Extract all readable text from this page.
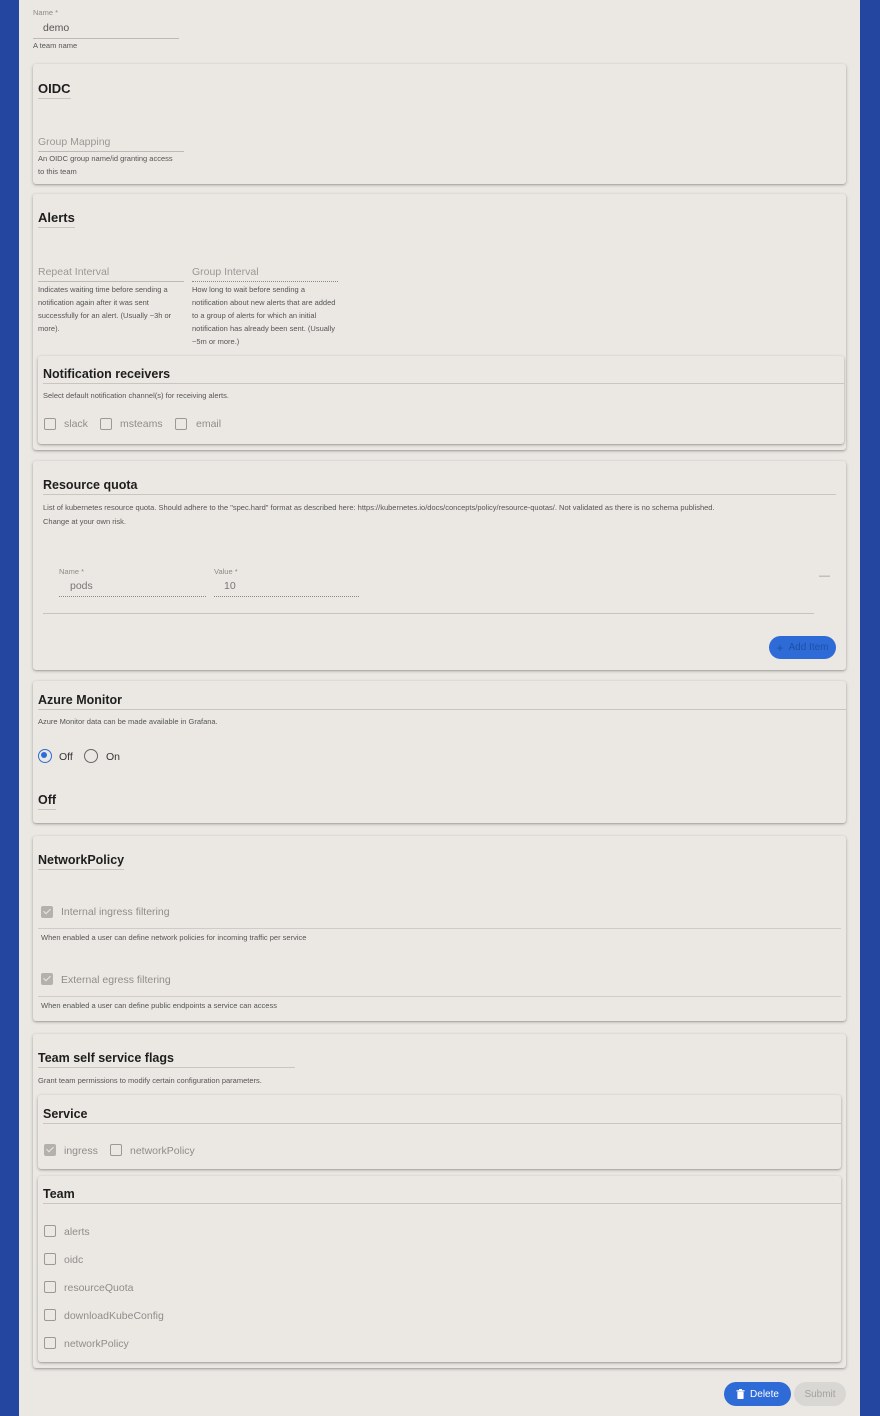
Name *
demo
A team name
OIDC
Group Mapping
An OIDC group name/id granting access to this team
Alerts
Repeat Interval
Indicates waiting time before sending a notification again after it was sent successfully for an alert. (Usually ~3h or more).
Group Interval
How long to wait before sending a notification about new alerts that are added to a group of alerts for which an initial notification has already been sent. (Usually ~5m or more.)
Notification receivers
Select default notification channel(s) for receiving alerts.
slack	msteams	email
Resource quota
List of kubernetes resource quota. Should adhere to the "spec.hard" format as described here: https://kubernetes.io/docs/concepts/policy/resource-quotas/. Not validated as there is no schema published.
Change at your own risk.
Name *
pods
Value *
10
—
+ Add Item
Azure Monitor
Azure Monitor data can be made available in Grafana.
Off	On
Off
NetworkPolicy
Internal ingress filtering
When enabled a user can define network policies for incoming traffic per service
External egress filtering
When enabled a user can define public endpoints a service can access
Team self service flags
Grant team permissions to modify certain configuration parameters.
Service
ingress	networkPolicy
Team
alerts
oidc
resourceQuota
downloadKubeConfig
networkPolicy
Delete	Submit
